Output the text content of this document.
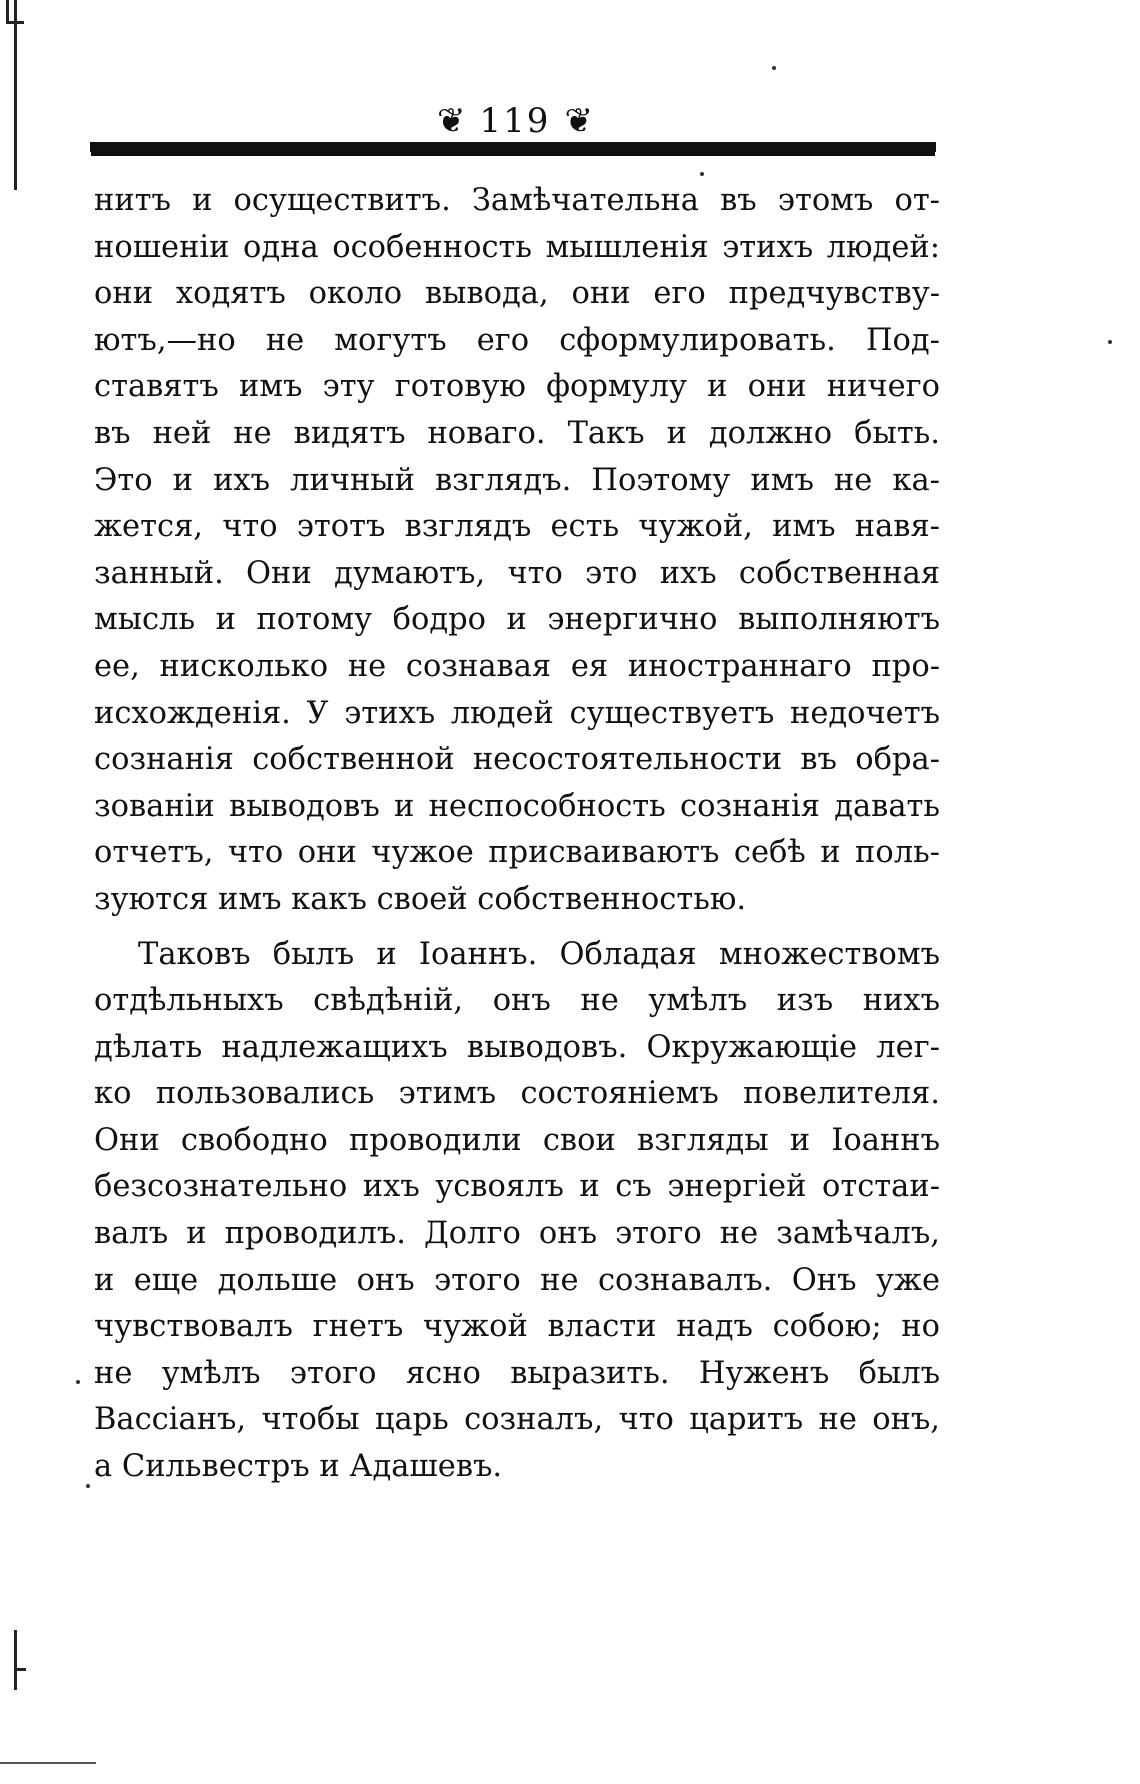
❦ 119 ❦
нитъ и осуществитъ. Замѣчательна въ этомъ от-
ношеніи одна особенность мышленія этихъ людей:
они ходятъ около вывода, они его предчувству-
ютъ,—но не могутъ его сформулировать. Под-
ставятъ имъ эту готовую формулу и они ничего
въ ней не видятъ новаго. Такъ и должно быть.
Это и ихъ личный взглядъ. Поэтому имъ не ка-
жется, что этотъ взглядъ есть чужой, имъ навя-
занный. Они думаютъ, что это ихъ собственная
мысль и потому бодро и энергично выполняютъ
ее, нисколько не сознавая ея иностраннаго про-
исхожденія. У этихъ людей существуетъ недочетъ
сознанія собственной несостоятельности въ обра-
зованіи выводовъ и неспособность сознанія давать
отчетъ, что они чужое присваиваютъ себѣ и поль-
зуются имъ какъ своей собственностью.
Таковъ былъ и Іоаннъ. Обладая множествомъ
отдѣльныхъ свѣдѣній, онъ не умѣлъ изъ нихъ
дѣлать надлежащихъ выводовъ. Окружающіе лег-
ко пользовались этимъ состояніемъ повелителя.
Они свободно проводили свои взгляды и Іоаннъ
безсознательно ихъ усвоялъ и съ энергіей отстаи-
валъ и проводилъ. Долго онъ этого не замѣчалъ,
и еще дольше онъ этого не сознавалъ. Онъ уже
чувствовалъ гнетъ чужой власти надъ собою; но
не умѣлъ этого ясно выразить. Нуженъ былъ
Вассіанъ, чтобы царь созналъ, что царитъ не онъ,
а Сильвестръ и Адашевъ.
